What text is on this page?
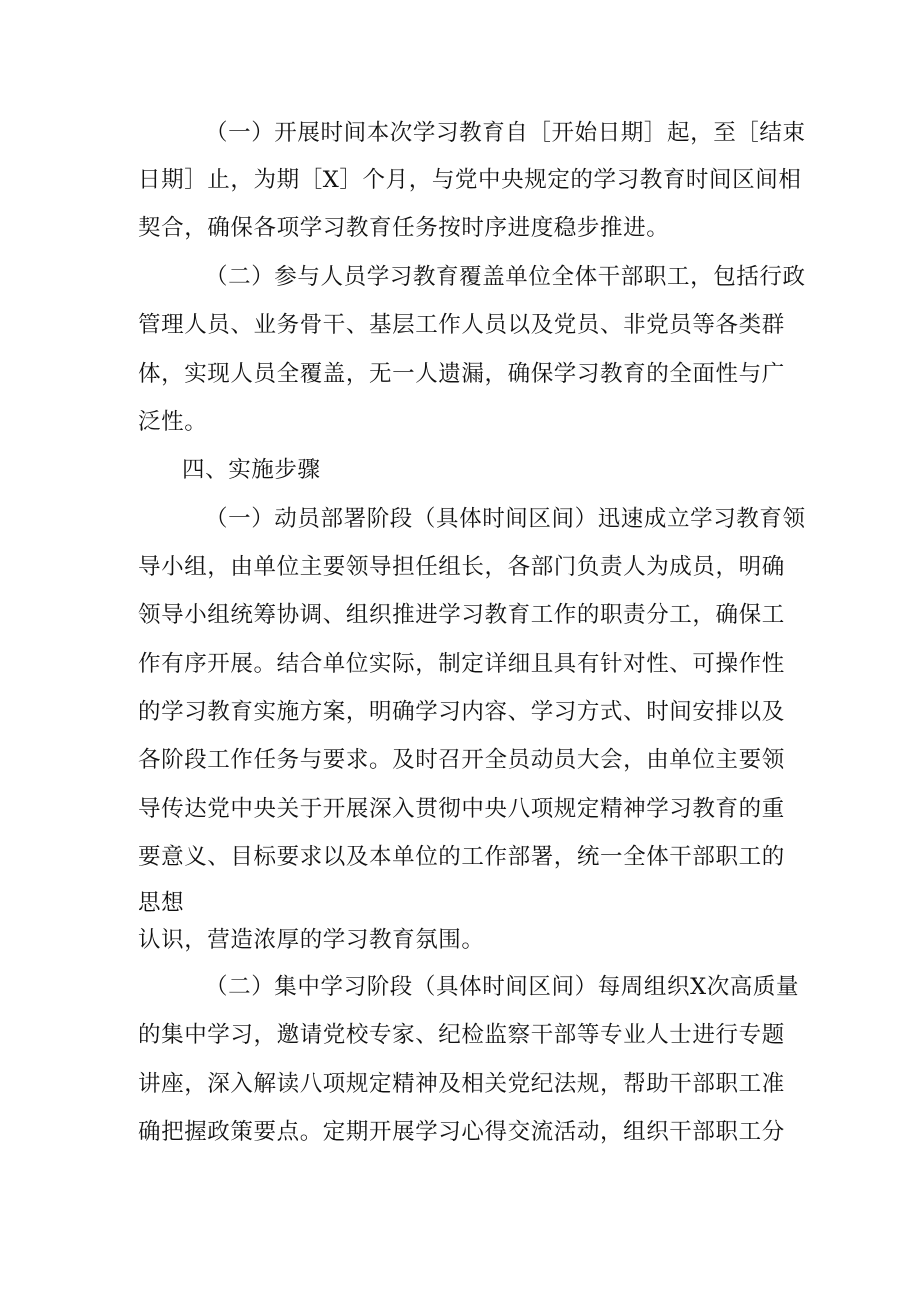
（一）开展时间本次学习教育自［开始日期］起，至［结束
日期］止，为期［X］个月，与党中央规定的学习教育时间区间相
契合，确保各项学习教育任务按时序进度稳步推进。
（二）参与人员学习教育覆盖单位全体干部职工，包括行政
管理人员、业务骨干、基层工作人员以及党员、非党员等各类群
体，实现人员全覆盖，无一人遗漏，确保学习教育的全面性与广
泛性。
四、实施步骤
（一）动员部署阶段（具体时间区间）迅速成立学习教育领
导小组，由单位主要领导担任组长，各部门负责人为成员，明确
领导小组统筹协调、组织推进学习教育工作的职责分工，确保工
作有序开展。结合单位实际，制定详细且具有针对性、可操作性
的学习教育实施方案，明确学习内容、学习方式、时间安排以及
各阶段工作任务与要求。及时召开全员动员大会，由单位主要领
导传达党中央关于开展深入贯彻中央八项规定精神学习教育的重
要意义、目标要求以及本单位的工作部署，统一全体干部职工的
思想
认识，营造浓厚的学习教育氛围。
（二）集中学习阶段（具体时间区间）每周组织X次高质量
的集中学习，邀请党校专家、纪检监察干部等专业人士进行专题
讲座，深入解读八项规定精神及相关党纪法规，帮助干部职工准
确把握政策要点。定期开展学习心得交流活动，组织干部职工分
